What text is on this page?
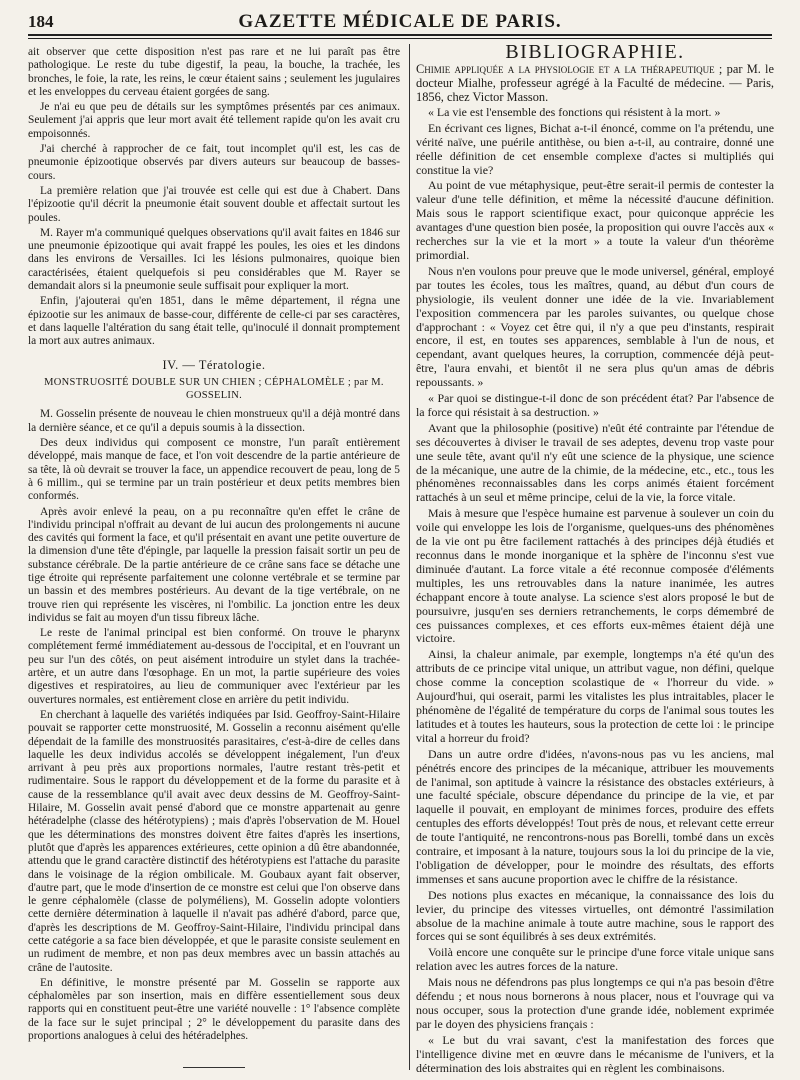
184	GAZETTE MÉDICALE DE PARIS.

ait observer que cette disposition n'est pas rare et ne lui paraît pas être pathologique. Le reste du tube digestif, la peau, la bouche, la trachée, les bronches, le foie, la rate, les reins, le cœur étaient sains ; seulement les jugulaires et les enveloppes du cerveau étaient gorgées de sang.

Je n'ai eu que peu de détails sur les symptômes présentés par ces animaux. Seulement j'ai appris que leur mort avait été tellement rapide qu'on les avait cru empoisonnés.

J'ai cherché à rapprocher de ce fait, tout incomplet qu'il est, les cas de pneumonie épizootique observés par divers auteurs sur beaucoup de basses-cours.

La première relation que j'ai trouvée est celle qui est due à Chabert. Dans l'épizootie qu'il décrit la pneumonie était souvent double et affectait surtout les poules.

M. Rayer m'a communiqué quelques observations qu'il avait faites en 1846 sur une pneumonie épizootique qui avait frappé les poules, les oies et les dindons dans les environs de Versailles. Ici les lésions pulmonaires, quoique bien caractérisées, étaient quelquefois si peu considérables que M. Rayer se demandait alors si la pneumonie seule suffisait pour expliquer la mort.

Enfin, j'ajouterai qu'en 1851, dans le même département, il régna une épizootie sur les animaux de basse-cour, différente de celle-ci par ses caractères, et dans laquelle l'altération du sang était telle, qu'inoculé il donnait promptement la mort aux autres animaux.

IV. — Tératologie.
MONSTRUOSITÉ DOUBLE SUR UN CHIEN ; CÉPHALOMÈLE ; par M. GOSSELIN.

M. Gosselin présente de nouveau le chien monstrueux qu'il a déjà montré dans la dernière séance, et ce qu'il a depuis soumis à la dissection.

Des deux individus qui composent ce monstre, l'un paraît entièrement développé, mais manque de face, et l'on voit descendre de la partie antérieure de sa tête, là où devrait se trouver la face, un appendice recouvert de peau, long de 5 à 6 millim., qui se termine par un train postérieur et deux petits membres bien conformés.

Après avoir enlevé la peau, on a pu reconnaître qu'en effet le crâne de l'individu principal n'offrait au devant de lui aucun des prolongements ni aucune des cavités qui forment la face, et qu'il présentait en avant une petite ouverture de la dimension d'une tête d'épingle, par laquelle la pression faisait sortir un peu de substance cérébrale. De la partie antérieure de ce crâne sans face se détache une tige étroite qui représente parfaitement une colonne vertébrale et se termine par un bassin et des membres postérieurs. Au devant de la tige vertébrale, on ne trouve rien qui représente les viscères, ni l'ombilic. La jonction entre les deux individus se fait au moyen d'un tissu fibreux lâche.

Le reste de l'animal principal est bien conformé. On trouve le pharynx complétement fermé immédiatement au-dessous de l'occipital, et en l'ouvrant un peu sur l'un des côtés, on peut aisément introduire un stylet dans la trachée-artère, et un autre dans l'œsophage. En un mot, la partie supérieure des voies digestives et respiratoires, au lieu de communiquer avec l'extérieur par les ouvertures normales, est entièrement close en arrière du petit individu.

En cherchant à laquelle des variétés indiquées par Isid. Geoffroy-Saint-Hilaire pouvait se rapporter cette monstruosité, M. Gosselin a reconnu aisément qu'elle dépendait de la famille des monstruosités parasitaires, c'est-à-dire de celles dans laquelle les deux individus accolés se développent inégalement, l'un d'eux arrivant à peu près aux proportions normales, l'autre restant très-petit et rudimentaire. Sous le rapport du développement et de la forme du parasite et à cause de la ressemblance qu'il avait avec deux dessins de M. Geoffroy-Saint-Hilaire, M. Gosselin avait pensé d'abord que ce monstre appartenait au genre hétéradelphe (classe des hétérotypiens) ; mais d'après l'observation de M. Houel que les déterminations des monstres doivent être faites d'après les insertions, plutôt que d'après les apparences extérieures, cette opinion a dû être abandonnée, attendu que le grand caractère distinctif des hétérotypiens est l'attache du parasite dans le voisinage de la région ombilicale. M. Goubaux ayant fait observer, d'autre part, que le mode d'insertion de ce monstre est celui que l'on observe dans le genre céphalomèle (classe de polyméliens), M. Gosselin adopte volontiers cette dernière détermination à laquelle il n'avait pas adhéré d'abord, parce que, d'après les descriptions de M. Geoffroy-Saint-Hilaire, l'individu principal dans cette catégorie a sa face bien développée, et que le parasite consiste seulement en un rudiment de membre, et non pas deux membres avec un bassin attachés au crâne de l'autosite.

En définitive, le monstre présenté par M. Gosselin se rapporte aux céphalomèles par son insertion, mais en diffère essentiellement sous deux rapports qui en constituent peut-être une variété nouvelle : 1° l'absence complète de la face sur le sujet principal ; 2° le développement du parasite dans des proportions analogues à celui des hétéradelphes.

BIBLIOGRAPHIE.

Chimie appliquée a la physiologie et a la thérapeutique ; par M. le docteur Mialhe, professeur agrégé à la Faculté de médecine. — Paris, 1856, chez Victor Masson.

« La vie est l'ensemble des fonctions qui résistent à la mort. »

En écrivant ces lignes, Bichat a-t-il énoncé, comme on l'a prétendu, une vérité naïve, une puérile antithèse, ou bien a-t-il, au contraire, donné une réelle définition de cet ensemble complexe d'actes si multipliés qui constitue la vie?

Au point de vue métaphysique, peut-être serait-il permis de contester la valeur d'une telle définition, et même la nécessité d'aucune définition. Mais sous le rapport scientifique exact, pour quiconque apprécie les avantages d'une question bien posée, la proposition qui ouvre l'accès aux « recherches sur la vie et la mort » a toute la valeur d'un théorème primordial.

Nous n'en voulons pour preuve que le mode universel, général, employé par toutes les écoles, tous les maîtres, quand, au début d'un cours de physiologie, ils veulent donner une idée de la vie. Invariablement l'exposition commencera par les paroles suivantes, ou quelque chose d'approchant : « Voyez cet être qui, il n'y a que peu d'instants, respirait encore, il est, en toutes ses apparences, semblable à l'un de nous, et cependant, avant quelques heures, la corruption, commencée déjà peut-être, l'aura envahi, et bientôt il ne sera plus qu'un amas de débris repoussants. »

« Par quoi se distingue-t-il donc de son précédent état? Par l'absence de la force qui résistait à sa destruction. »

Avant que la philosophie (positive) n'eût été contrainte par l'étendue de ses découvertes à diviser le travail de ses adeptes, devenu trop vaste pour une seule tête, avant qu'il n'y eût une science de la physique, une science de la mécanique, une autre de la chimie, de la médecine, etc., etc., tous les phénomènes reconnaissables dans les corps animés étaient forcément rattachés à un seul et même principe, celui de la vie, la force vitale.

Mais à mesure que l'espèce humaine est parvenue à soulever un coin du voile qui enveloppe les lois de l'organisme, quelques-uns des phénomènes de la vie ont pu être facilement rattachés à des principes déjà étudiés et reconnus dans le monde inorganique et la sphère de l'inconnu s'est vue diminuée d'autant. La force vitale a été reconnue composée d'éléments multiples, les uns retrouvables dans la nature inanimée, les autres échappant encore à toute analyse. La science s'est alors proposé le but de poursuivre, jusqu'en ses derniers retranchements, le corps démembré de ces puissances complexes, et ces efforts eux-mêmes étaient déjà une victoire.

Ainsi, la chaleur animale, par exemple, longtemps n'a été qu'un des attributs de ce principe vital unique, un attribut vague, non défini, quelque chose comme la conception scolastique de « l'horreur du vide. » Aujourd'hui, qui oserait, parmi les vitalistes les plus intraitables, placer le phénomène de l'égalité de température du corps de l'animal sous toutes les latitudes et à toutes les hauteurs, sous la protection de cette loi : le principe vital a horreur du froid?

Dans un autre ordre d'idées, n'avons-nous pas vu les anciens, mal pénétrés encore des principes de la mécanique, attribuer les mouvements de l'animal, son aptitude à vaincre la résistance des obstacles extérieurs, à une faculté spéciale, obscure dépendance du principe de la vie, et par laquelle il pouvait, en employant de minimes forces, produire des effets centuples des efforts développés! Tout près de nous, et relevant cette erreur de toute l'antiquité, ne rencontrons-nous pas Borelli, tombé dans un excès contraire, et imposant à la nature, toujours sous la loi du principe de la vie, l'obligation de développer, pour le moindre des résultats, des efforts immenses et sans aucune proportion avec le chiffre de la résistance.

Des notions plus exactes en mécanique, la connaissance des lois du levier, du principe des vitesses virtuelles, ont démontré l'assimilation absolue de la machine animale à toute autre machine, sous le rapport des forces qui se sont équilibrés à ses deux extrémités.

Voilà encore une conquête sur le principe d'une force vitale unique sans relation avec les autres forces de la nature.

Mais nous ne défendrons pas plus longtemps ce qui n'a pas besoin d'être défendu ; et nous nous bornerons à nous placer, nous et l'ouvrage qui va nous occuper, sous la protection d'une grande idée, noblement exprimée par le doyen des physiciens français :

« Le but du vrai savant, c'est la manifestation des forces que l'intelligence divine met en œuvre dans le mécanisme de l'univers, et la détermination des lois abstraites qui en règlent les combinaisons.
